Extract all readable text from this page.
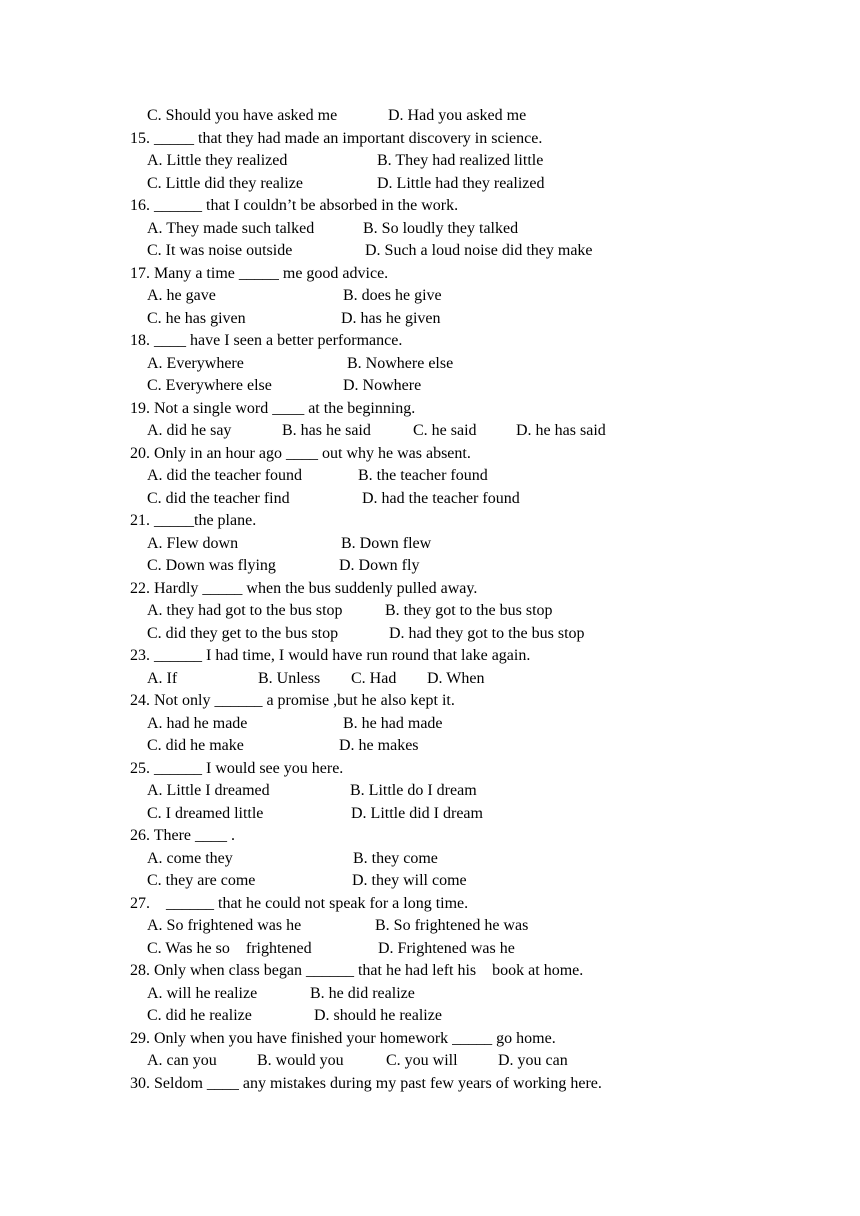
C. Should you have asked me	D. Had you asked me
15. _____ that they had made an important discovery in science.
A. Little they realized	B. They had realized little
C. Little did they realize	D. Little had they realized
16. ______ that I couldn’t be absorbed in the work.
A. They made such talked	B. So loudly they talked
C. It was noise outside	D. Such a loud noise did they make
17. Many a time _____ me good advice.
A. he gave	B. does he give
C. he has given	D. has he given
18. ____ have I seen a better performance.
A. Everywhere	B. Nowhere else
C. Everywhere else	D. Nowhere
19. Not a single word ____ at the beginning.
A. did he say	B. has he said	C. he said D. he has said
20. Only in an hour ago ____ out why he was absent.
A. did the teacher found	B. the teacher found
C. did the teacher find	D. had the teacher found
21. _____the plane.
A. Flew down	B. Down flew
C. Down was flying	D. Down fly
22. Hardly _____ when the bus suddenly pulled away.
A. they had got to the bus stop	B. they got to the bus stop
C. did they get to the bus stop	D. had they got to the bus stop
23. ______ I had time, I would have run round that lake again.
A. If	B. Unless C. Had D. When
24. Not only ______ a promise ,but he also kept it.
A. had he made	B. he had made
C. did he make	D. he makes
25. ______ I would see you here.
A. Little I dreamed	B. Little do I dream
C. I dreamed little	D. Little did I dream
26. There ____ .
A. come they	B. they come
C. they are come	D. they will come
27.    ______ that he could not speak for a long time.
A. So frightened was he	B. So frightened he was
C. Was he so    frightened	D. Frightened was he
28. Only when class began ______ that he had left his    book at home.
A. will he realize	B. he did realize
C. did he realize	D. should he realize
29. Only when you have finished your homework _____ go home.
A. can you	B. would you	C. you will	D. you can
30. Seldom ____ any mistakes during my past few years of working here.
